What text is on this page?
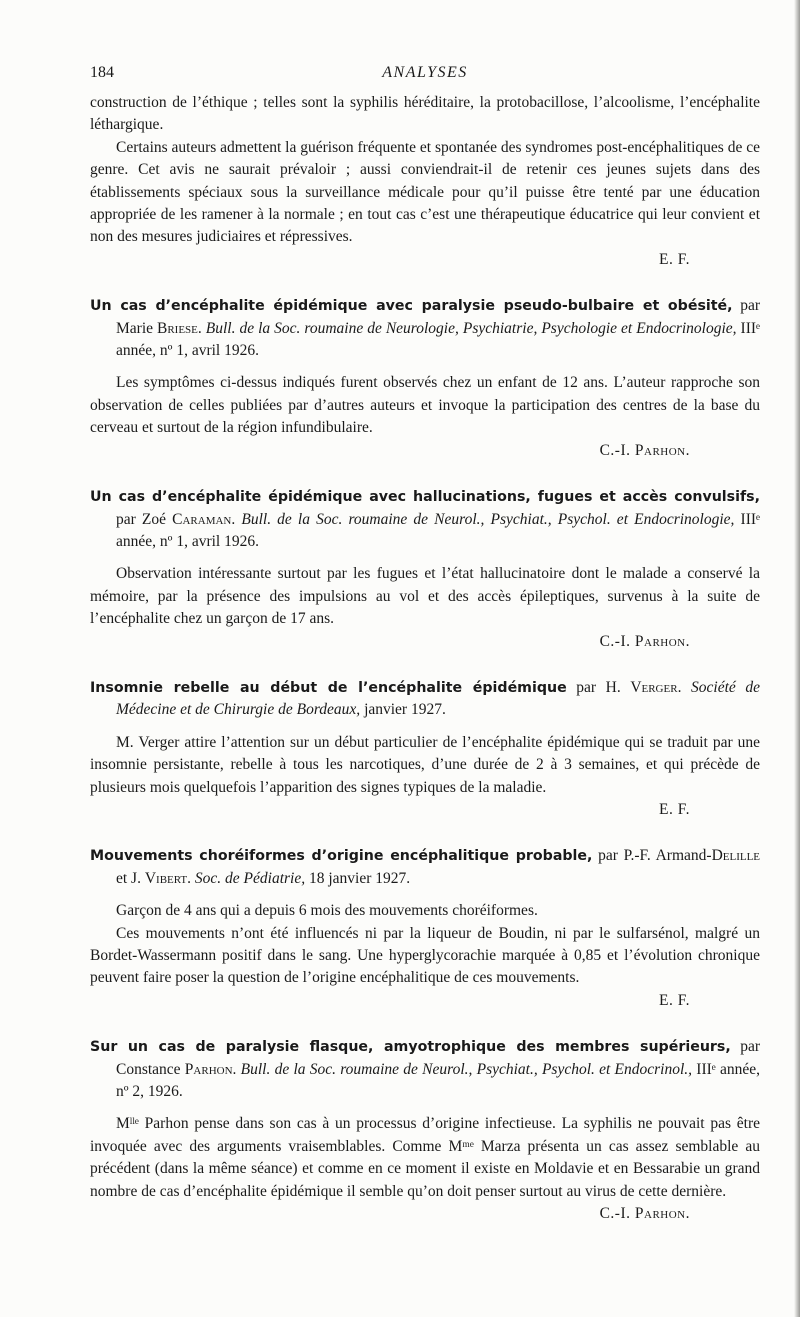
184	ANALYSES

construction de l’éthique ; telles sont la syphilis héréditaire, la protobacillose, l’alcoolisme, l’encéphalite léthargique.

Certains auteurs admettent la guérison fréquente et spontanée des syndromes post-encéphalitiques de ce genre. Cet avis ne saurait prévaloir ; aussi conviendrait-il de retenir ces jeunes sujets dans des établissements spéciaux sous la surveillance médicale pour qu’il puisse être tenté par une éducation appropriée de les ramener à la normale ; en tout cas c’est une thérapeutique éducatrice qui leur convient et non des mesures judiciaires et répressives.

E. F.

Un cas d’encéphalite épidémique avec paralysie pseudo-bulbaire et obésité, par Marie Briese. Bull. de la Soc. roumaine de Neurologie, Psychiatrie, Psychologie et Endocrinologie, IIIᵉ année, nº 1, avril 1926.

Les symptômes ci-dessus indiqués furent observés chez un enfant de 12 ans. L’auteur rapproche son observation de celles publiées par d’autres auteurs et invoque la participation des centres de la base du cerveau et surtout de la région infundibulaire.

C.-I. Parhon.

Un cas d’encéphalite épidémique avec hallucinations, fugues et accès convulsifs, par Zoé Caraman. Bull. de la Soc. roumaine de Neurol., Psychiat., Psychol. et Endocrinologie, IIIᵉ année, nº 1, avril 1926.

Observation intéressante surtout par les fugues et l’état hallucinatoire dont le malade a conservé la mémoire, par la présence des impulsions au vol et des accès épileptiques, survenus à la suite de l’encéphalite chez un garçon de 17 ans.

C.-I. Parhon.

Insomnie rebelle au début de l’encéphalite épidémique par H. Verger. Société de Médecine et de Chirurgie de Bordeaux, janvier 1927.

M. Verger attire l’attention sur un début particulier de l’encéphalite épidémique qui se traduit par une insomnie persistante, rebelle à tous les narcotiques, d’une durée de 2 à 3 semaines, et qui précède de plusieurs mois quelquefois l’apparition des signes typiques de la maladie.

E. F.

Mouvements choréiformes d’origine encéphalitique probable, par P.-F. Armand-Delille et J. Vibert. Soc. de Pédiatrie, 18 janvier 1927.

Garçon de 4 ans qui a depuis 6 mois des mouvements choréiformes.

Ces mouvements n’ont été influencés ni par la liqueur de Boudin, ni par le sulfarsénol, malgré un Bordet-Wassermann positif dans le sang. Une hyperglycorachie marquée à 0,85 et l’évolution chronique peuvent faire poser la question de l’origine encéphalitique de ces mouvements.

E. F.

Sur un cas de paralysie flasque, amyotrophique des membres supérieurs, par Constance Parhon. Bull. de la Soc. roumaine de Neurol., Psychiat., Psychol. et Endocrinol., IIIᵉ année, nº 2, 1926.

Mˡˡᵉ Parhon pense dans son cas à un processus d’origine infectieuse. La syphilis ne pouvait pas être invoquée avec des arguments vraisemblables. Comme Mᵐᵉ Marza présenta un cas assez semblable au précédent (dans la même séance) et comme en ce moment il existe en Moldavie et en Bessarabie un grand nombre de cas d’encéphalite épidémique il semble qu’on doit penser surtout au virus de cette dernière.

C.-I. Parhon.
